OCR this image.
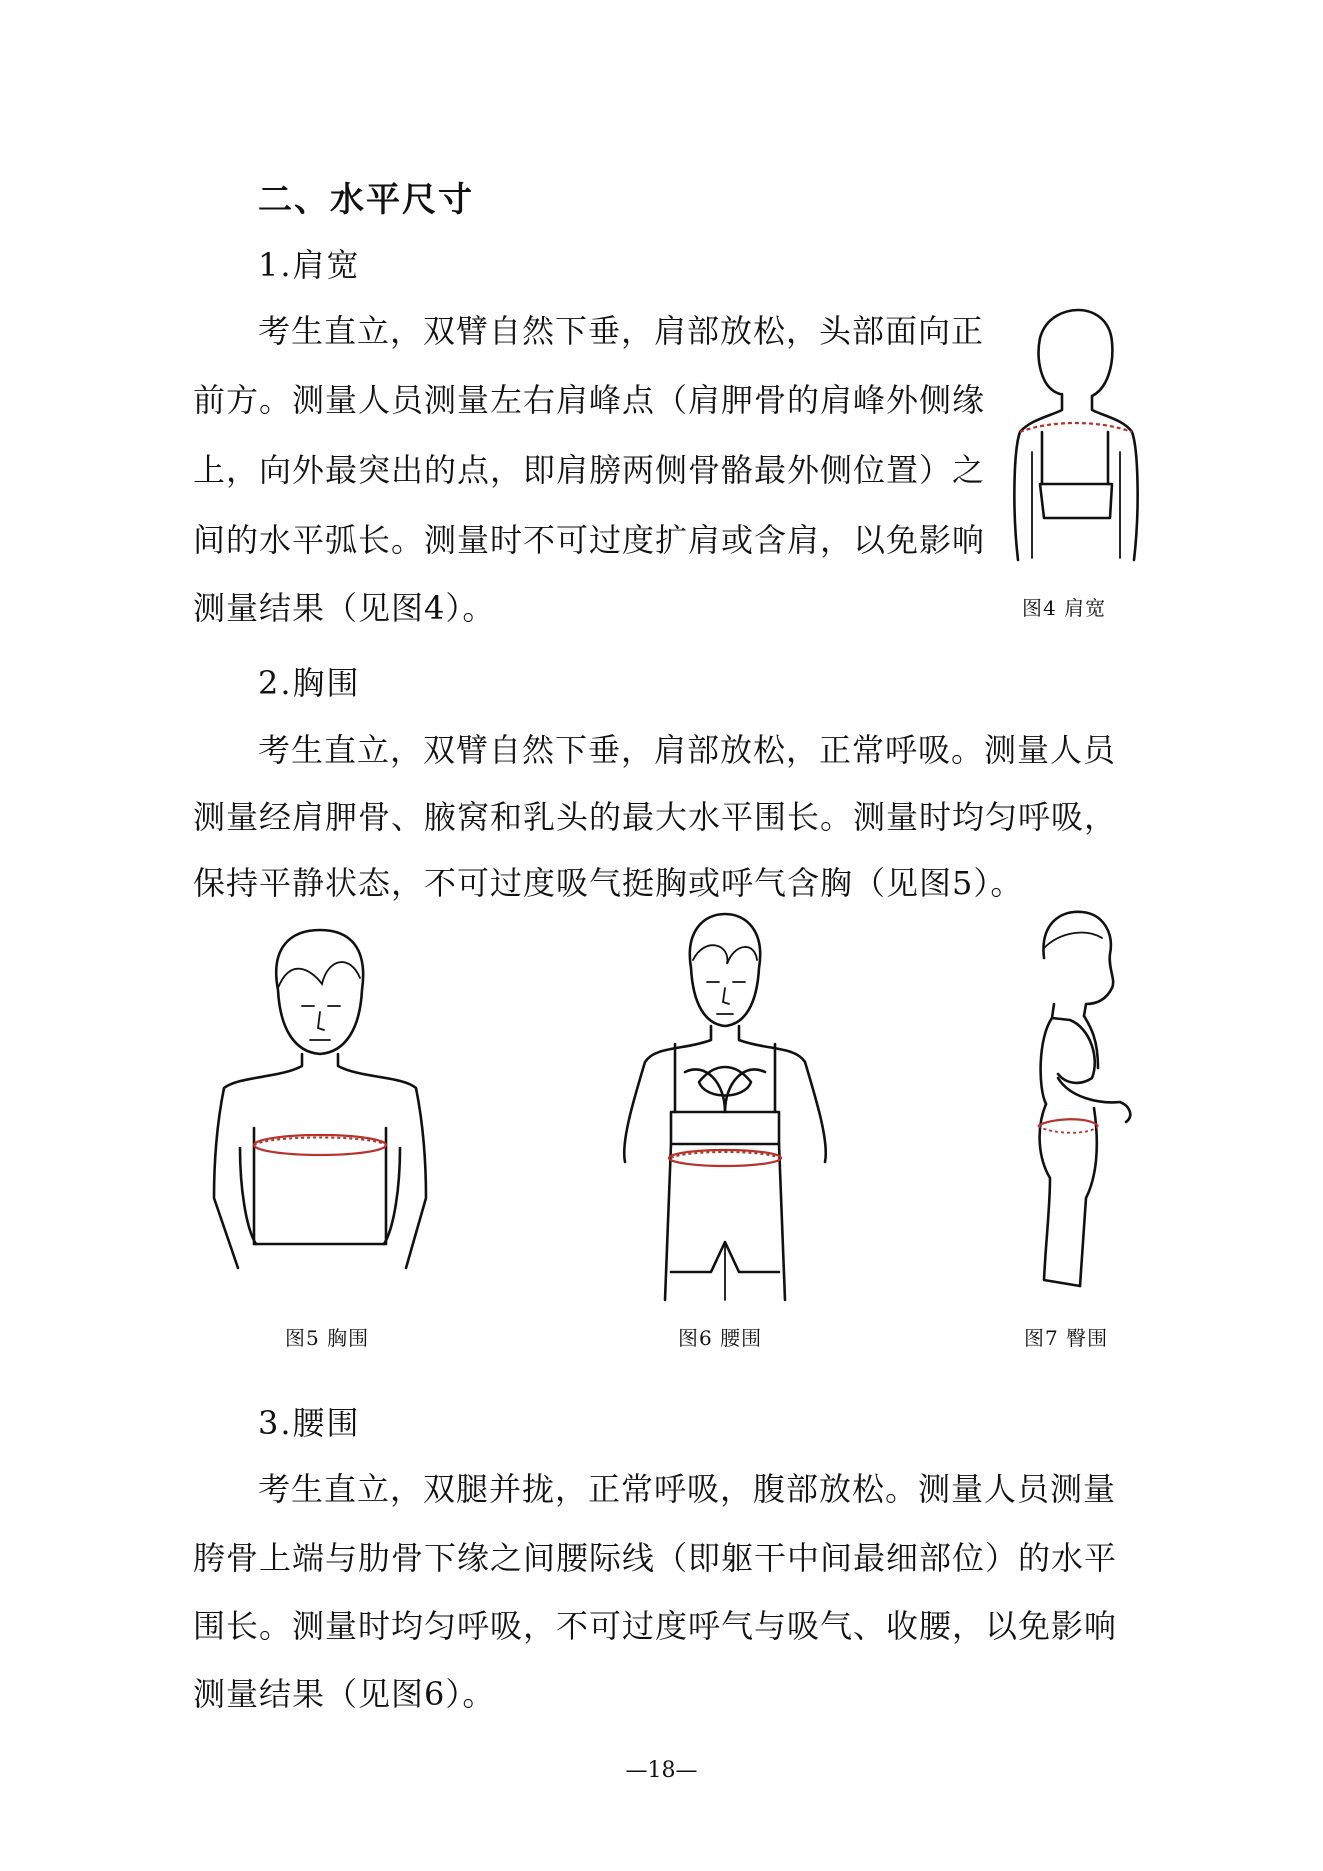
二、水平尺寸
1.肩宽
考生直立，双臂自然下垂，肩部放松，头部面向正
前方。测量人员测量左右肩峰点（肩胛骨的肩峰外侧缘
上，向外最突出的点，即肩膀两侧骨骼最外侧位置）之
间的水平弧长。测量时不可过度扩肩或含肩，以免影响
测量结果（见图4）。	图4 肩宽
2.胸围
考生直立，双臂自然下垂，肩部放松，正常呼吸。测量人员
测量经肩胛骨、腋窝和乳头的最大水平围长。测量时均匀呼吸，
保持平静状态，不可过度吸气挺胸或呼气含胸（见图5）。
图5 胸围	图6 腰围	图7 臀围
3.腰围
考生直立，双腿并拢，正常呼吸，腹部放松。测量人员测量
胯骨上端与肋骨下缘之间腰际线（即躯干中间最细部位）的水平
围长。测量时均匀呼吸，不可过度呼气与吸气、收腰，以免影响
测量结果（见图6）。
—18—
